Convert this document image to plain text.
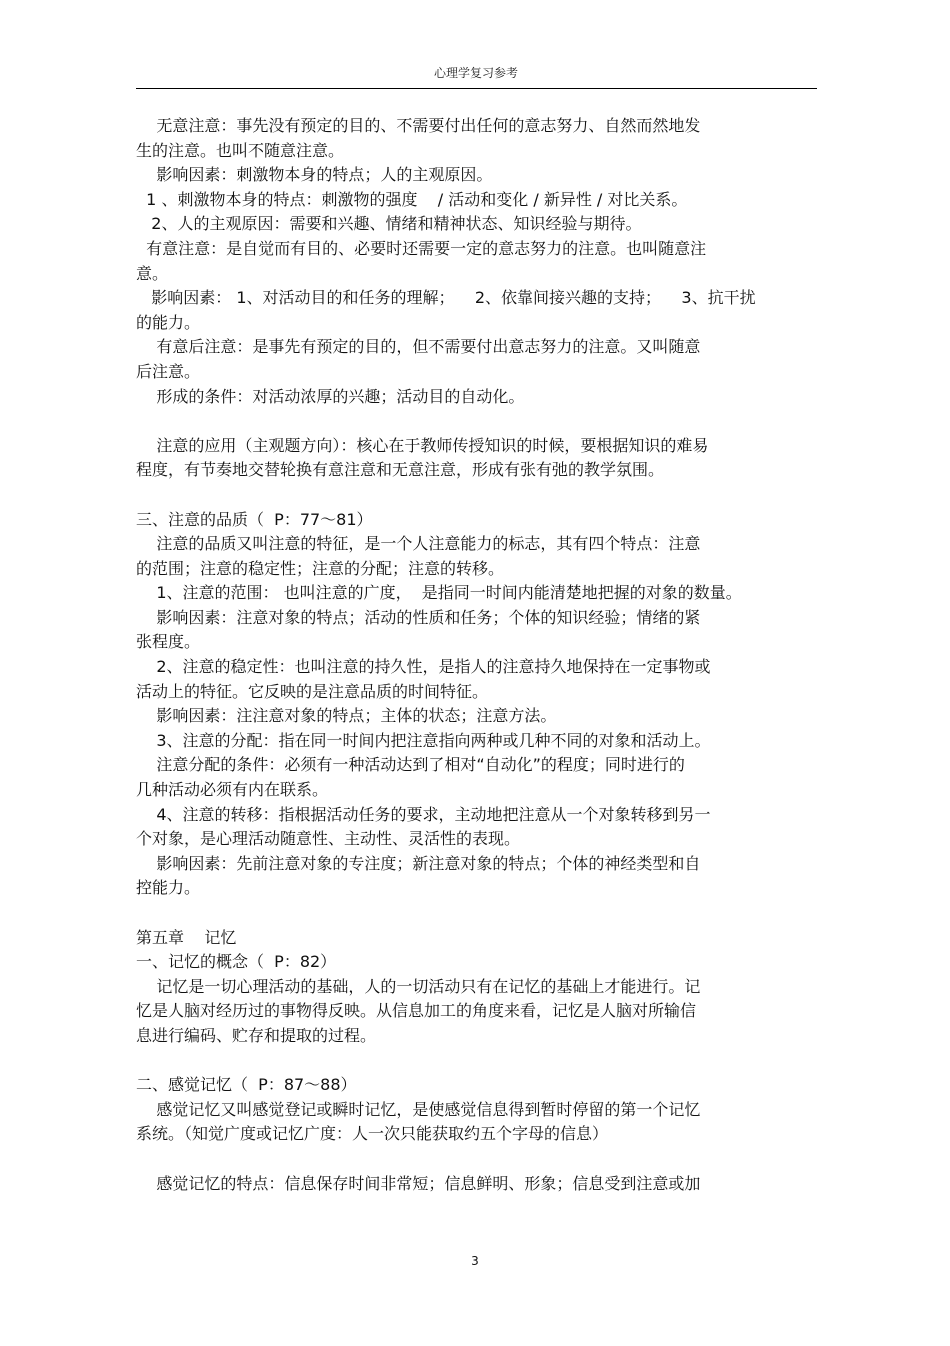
心理学复习参考
无意注意：事先没有预定的目的、不需要付出任何的意志努力、自然而然地发
生的注意。也叫不随意注意。
影响因素：刺激物本身的特点；人的主观原因。
1 、刺激物本身的特点：刺激物的强度    / 活动和变化 / 新异性 / 对比关系。
2、人的主观原因：需要和兴趣、情绪和精神状态、知识经验与期待。
有意注意：是自觉而有目的、必要时还需要一定的意志努力的注意。也叫随意注
意。
影响因素： 1、对活动目的和任务的理解；    2、依靠间接兴趣的支持；    3、抗干扰
的能力。
有意后注意：是事先有预定的目的，但不需要付出意志努力的注意。又叫随意
后注意。
形成的条件：对活动浓厚的兴趣；活动目的自动化。
注意的应用（主观题方向）：核心在于教师传授知识的时候，要根据知识的难易
程度，有节奏地交替轮换有意注意和无意注意，形成有张有弛的教学氛围。
三、注意的品质（  P：77～81）
注意的品质又叫注意的特征，是一个人注意能力的标志，其有四个特点：注意
的范围；注意的稳定性；注意的分配；注意的转移。
1、注意的范围： 也叫注意的广度，  是指同一时间内能清楚地把握的对象的数量。
影响因素：注意对象的特点；活动的性质和任务；个体的知识经验；情绪的紧
张程度。
2、注意的稳定性：也叫注意的持久性，是指人的注意持久地保持在一定事物或
活动上的特征。它反映的是注意品质的时间特征。
影响因素：注注意对象的特点；主体的状态；注意方法。
3、注意的分配：指在同一时间内把注意指向两种或几种不同的对象和活动上。
注意分配的条件：必须有一种活动达到了相对“自动化”的程度；同时进行的
几种活动必须有内在联系。
4、注意的转移：指根据活动任务的要求，主动地把注意从一个对象转移到另一
个对象，是心理活动随意性、主动性、灵活性的表现。
影响因素：先前注意对象的专注度；新注意对象的特点；个体的神经类型和自
控能力。
第五章    记忆
一、记忆的概念（  P：82）
记忆是一切心理活动的基础，人的一切活动只有在记忆的基础上才能进行。记
忆是人脑对经历过的事物得反映。从信息加工的角度来看，记忆是人脑对所输信
息进行编码、贮存和提取的过程。
二、感觉记忆（  P：87～88）
感觉记忆又叫感觉登记或瞬时记忆，是使感觉信息得到暂时停留的第一个记忆
系统。（知觉广度或记忆广度：人一次只能获取约五个字母的信息）
感觉记忆的特点：信息保存时间非常短；信息鲜明、形象；信息受到注意或加
3
